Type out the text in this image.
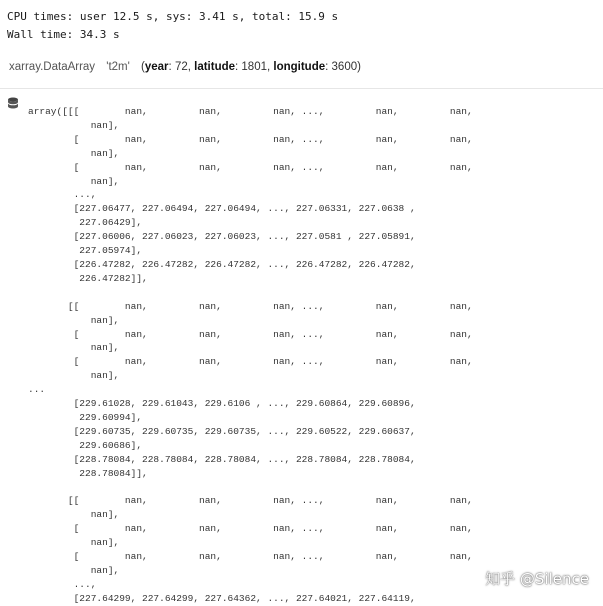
CPU times: user 12.5 s, sys: 3.41 s, total: 15.9 s
Wall time: 34.3 s
xarray.DataArray 't2m' (year: 72, latitude: 1801, longitude: 3600)
array([[[        nan,         nan,         nan, ...,         nan,         nan,
nan],
[        nan,         nan,         nan, ...,         nan,         nan,
nan],
[        nan,         nan,         nan, ...,         nan,         nan,
nan],
...,
[227.06477, 227.06494, 227.06494, ..., 227.06331, 227.0638 ,
227.06429],
[227.06006, 227.06023, 227.06023, ..., 227.0581 , 227.05891,
227.05974],
[226.47282, 226.47282, 226.47282, ..., 226.47282, 226.47282,
226.47282]],

[[        nan,         nan,         nan, ...,         nan,         nan,
nan],
[        nan,         nan,         nan, ...,         nan,         nan,
nan],
[        nan,         nan,         nan, ...,         nan,         nan,
nan],
...
[229.61028, 229.61043, 229.6106 , ..., 229.60864, 229.60896,
229.60994],
[229.60735, 229.60735, 229.60735, ..., 229.60522, 229.60637,
229.60686],
[228.78084, 228.78084, 228.78084, ..., 228.78084, 228.78084,
228.78084]],

[[        nan,         nan,         nan, ...,         nan,         nan,
nan],
[        nan,         nan,         nan, ...,         nan,         nan,
nan],
[        nan,         nan,         nan, ...,         nan,         nan,
nan],
...,
[227.64299, 227.64299, 227.64362, ..., 227.64021, 227.64119,
知乎 @Silence
